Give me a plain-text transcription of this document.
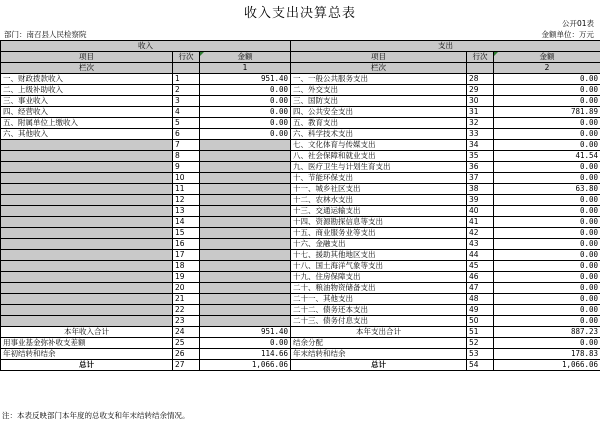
收入支出决算总表
公开01表
部门：南召县人民检察院	金额单位：万元
收入			支出		
项目	行次	金额	项目	行次	金额
栏次		1	栏次		2
一、财政拨款收入	1	951.40	一、一般公共服务支出	28	0.00
二、上级补助收入	2	0.00	二、外交支出	29	0.00
三、事业收入	3	0.00	三、国防支出	30	0.00
四、经营收入	4	0.00	四、公共安全支出	31	781.89
五、附属单位上缴收入	5	0.00	五、教育支出	32	0.00
六、其他收入	6	0.00	六、科学技术支出	33	0.00
	7		七、文化体育与传媒支出	34	0.00
	8		八、社会保障和就业支出	35	41.54
	9		九、医疗卫生与计划生育支出	36	0.00
	10		十、节能环保支出	37	0.00
	11		十一、城乡社区支出	38	63.80
	12		十二、农林水支出	39	0.00
	13		十三、交通运输支出	40	0.00
	14		十四、资源勘探信息等支出	41	0.00
	15		十五、商业服务业等支出	42	0.00
	16		十六、金融支出	43	0.00
	17		十七、援助其他地区支出	44	0.00
	18		十八、国土海洋气象等支出	45	0.00
	19		十九、住房保障支出	46	0.00
	20		二十、粮油物资储备支出	47	0.00
	21		二十一、其他支出	48	0.00
	22		二十二、债务还本支出	49	0.00
	23		二十三、债务付息支出	50	0.00
本年收入合计	24	951.40	本年支出合计	51	887.23
用事业基金弥补收支差额	25	0.00	结余分配	52	0.00
年初结转和结余	26	114.66	年末结转和结余	53	178.83
总计	27	1,066.06	总计	54	1,066.06
注：本表反映部门本年度的总收支和年末结转结余情况。
